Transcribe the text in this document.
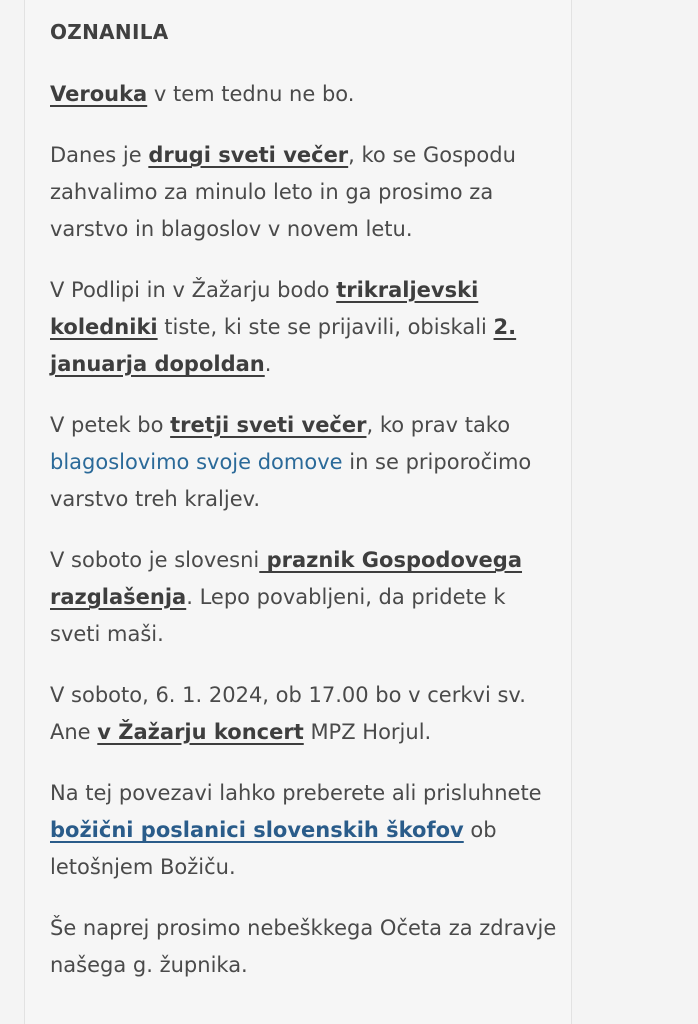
OZNANILA

Verouka v tem tednu ne bo.

Danes je drugi sveti večer, ko se Gospodu zahvalimo za minulo leto in ga prosimo za varstvo in blagoslov v novem letu.

V Podlipi in v Žažarju bodo trikraljevski koledniki tiste, ki ste se prijavili, obiskali 2. januarja dopoldan.

V petek bo tretji sveti večer, ko prav tako blagoslovimo svoje domove in se priporočimo varstvo treh kraljev.

V soboto je slovesni praznik Gospodovega razglašenja. Lepo povabljeni, da pridete k sveti maši.

V soboto, 6. 1. 2024, ob 17.00 bo v cerkvi sv. Ane v Žažarju koncert MPZ Horjul.

Na tej povezavi lahko preberete ali prisluhnete božični poslanici slovenskih škofov ob letošnjem Božiču.

Še naprej prosimo nebeškkega Očeta za zdravje našega g. župnika.
